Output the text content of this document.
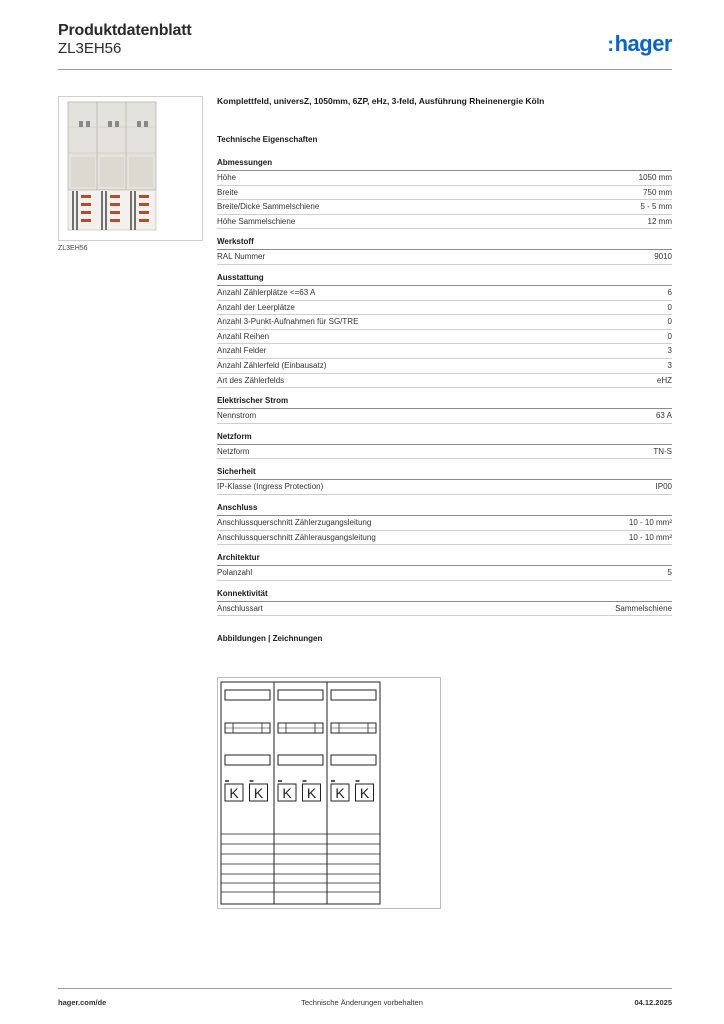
Produktdatenblatt
ZL3EH56	:hager
ZL3EH56
Komplettfeld, universZ, 1050mm, 6ZP, eHz, 3-feld, Ausführung Rheinenergie Köln
Technische Eigenschaften
Abmessungen
Höhe	1050 mm
Breite	750 mm
Breite/Dicke Sammelschiene	5 - 5 mm
Höhe Sammelschiene	12 mm
Werkstoff
RAL Nummer	9010
Ausstattung
Anzahl Zählerplätze <=63 A	6
Anzahl der Leerplätze	0
Anzahl 3-Punkt-Aufnahmen für SG/TRE	0
Anzahl Reihen	0
Anzahl Felder	3
Anzahl Zählerfeld (Einbausatz)	3
Art des Zählerfelds	eHZ
Elektrischer Strom
Nennstrom	63 A
Netzform
Netzform	TN-S
Sicherheit
IP-Klasse (Ingress Protection)	IP00
Anschluss
Anschlussquerschnitt Zählerzugangsleitung	10 - 10 mm²
Anschlussquerschnitt Zählerausgangsleitung	10 - 10 mm²
Architektur
Polanzahl	5
Konnektivität
Anschlussart	Sammelschiene
Abbildungen | Zeichnungen
K K K K K K
hager.com/de	Technische Änderungen vorbehalten	04.12.2025
